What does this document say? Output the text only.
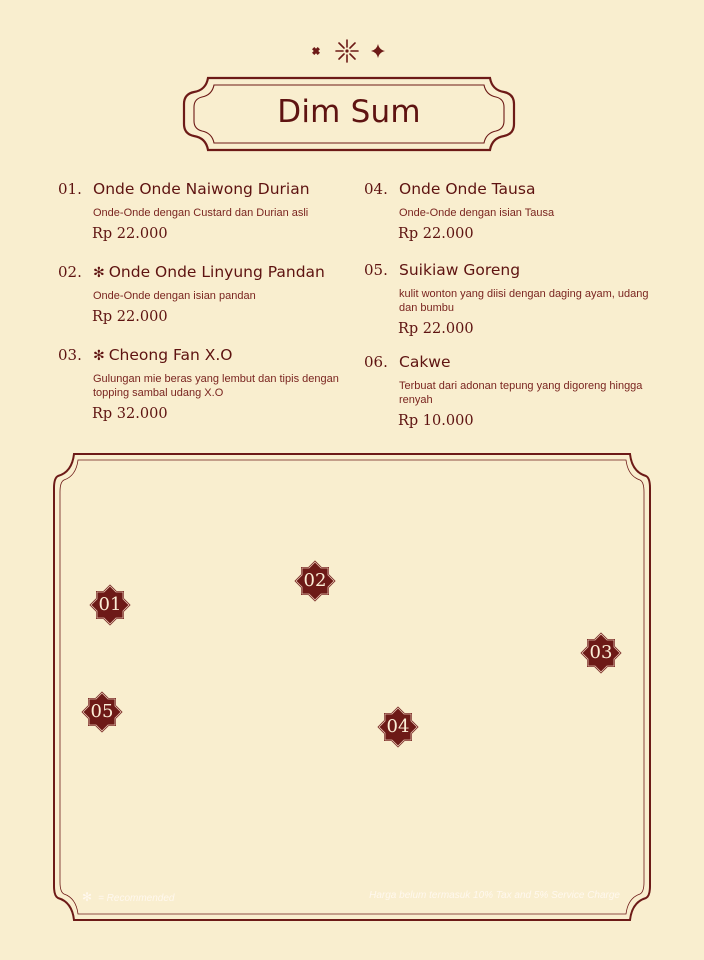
Dim Sum
01. Onde Onde Naiwong Durian
Onde-Onde dengan Custard dan Durian asli
Rp 22.000
02. ✻ Onde Onde Linyung Pandan
Onde-Onde dengan isian pandan
Rp 22.000
03. ✻ Cheong Fan X.O
Gulungan mie beras yang lembut dan tipis dengan topping sambal udang X.O
Rp 32.000
04. Onde Onde Tausa
Onde-Onde dengan isian Tausa
Rp 22.000
05. Suikiaw Goreng
kulit wonton yang diisi dengan daging ayam, udang dan bumbu
Rp 22.000
06. Cakwe
Terbuat dari adonan tepung yang digoreng hingga renyah
Rp 10.000
01
02
03
04
05
✻ = Recommended	Harga belum termasuk 10% Tax and 5% Service Charge
